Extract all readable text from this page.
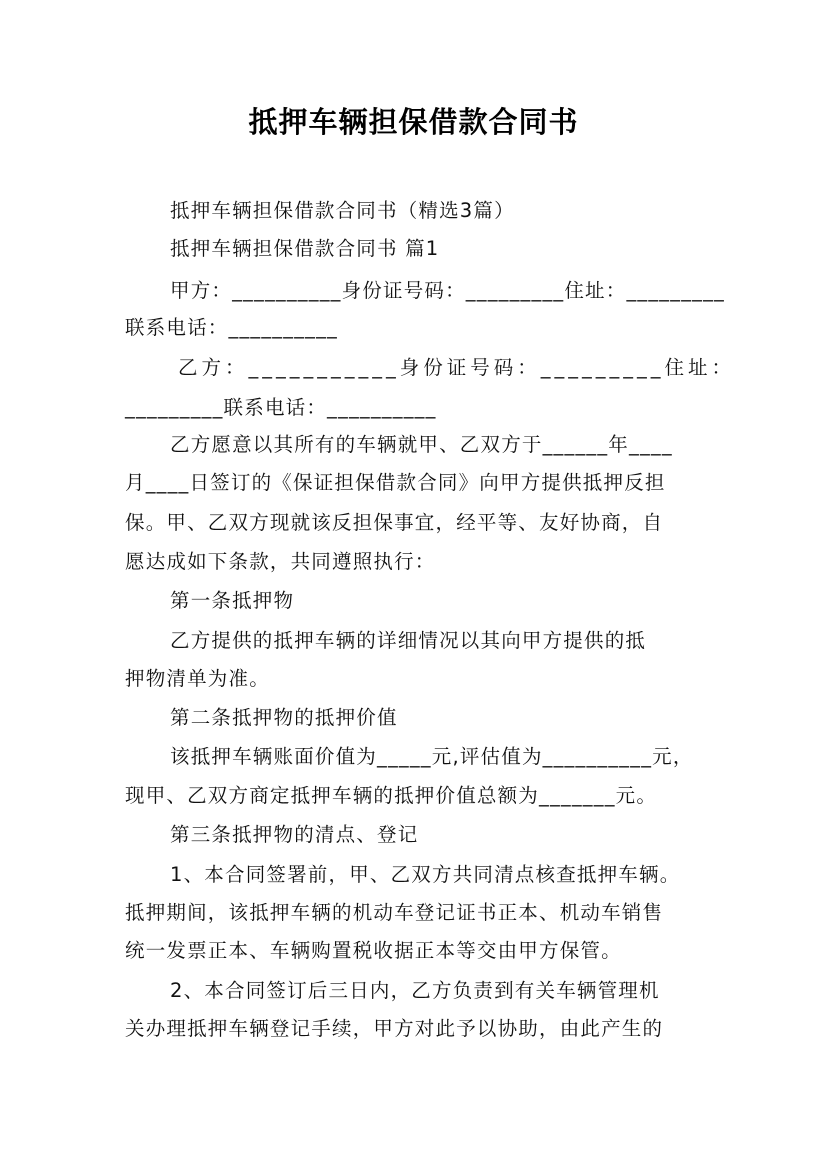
抵押车辆担保借款合同书
抵押车辆担保借款合同书（精选3篇）
抵押车辆担保借款合同书 篇1
甲方：__________身份证号码：_________住址：_________
联系电话：__________
乙方：___________身份证号码：_________住址：
_________联系电话：__________
乙方愿意以其所有的车辆就甲、乙双方于______年____
月____日签订的《保证担保借款合同》向甲方提供抵押反担
保。甲、乙双方现就该反担保事宜，经平等、友好协商，自
愿达成如下条款，共同遵照执行：
第一条抵押物
乙方提供的抵押车辆的详细情况以其向甲方提供的抵
押物清单为准。
第二条抵押物的抵押价值
该抵押车辆账面价值为_____元,评估值为__________元，
现甲、乙双方商定抵押车辆的抵押价值总额为_______元。
第三条抵押物的清点、登记
1、本合同签署前，甲、乙双方共同清点核查抵押车辆。
抵押期间，该抵押车辆的机动车登记证书正本、机动车销售
统一发票正本、车辆购置税收据正本等交由甲方保管。
2、本合同签订后三日内，乙方负责到有关车辆管理机
关办理抵押车辆登记手续，甲方对此予以协助，由此产生的
